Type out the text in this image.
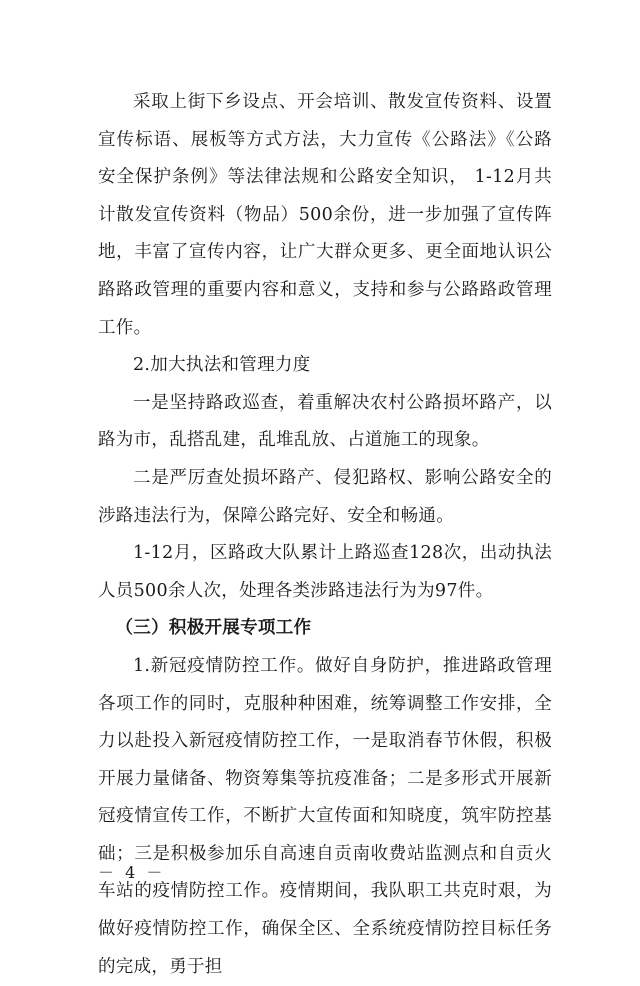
采取上街下乡设点、开会培训、散发宣传资料、设置宣传标语、展板等方式方法，大力宣传《公路法》《公路安全保护条例》等法律法规和公路安全知识， 1-12月共计散发宣传资料（物品）500余份，进一步加强了宣传阵地，丰富了宣传内容，让广大群众更多、更全面地认识公路路政管理的重要内容和意义，支持和参与公路路政管理工作。

2.加大执法和管理力度

一是坚持路政巡查，着重解决农村公路损坏路产，以路为市，乱搭乱建，乱堆乱放、占道施工的现象。

二是严厉查处损坏路产、侵犯路权、影响公路安全的涉路违法行为，保障公路完好、安全和畅通。

1-12月，区路政大队累计上路巡查128次，出动执法人员500余人次，处理各类涉路违法行为为97件。

（三）积极开展专项工作

1.新冠疫情防控工作。做好自身防护，推进路政管理各项工作的同时，克服种种困难，统筹调整工作安排，全力以赴投入新冠疫情防控工作，一是取消春节休假，积极开展力量储备、物资筹集等抗疫准备；二是多形式开展新冠疫情宣传工作，不断扩大宣传面和知晓度，筑牢防控基础；三是积极参加乐自高速自贡南收费站监测点和自贡火车站的疫情防控工作。疫情期间，我队职工共克时艰，为做好疫情防控工作，确保全区、全系统疫情防控目标任务的完成，勇于担

－ 4 －
